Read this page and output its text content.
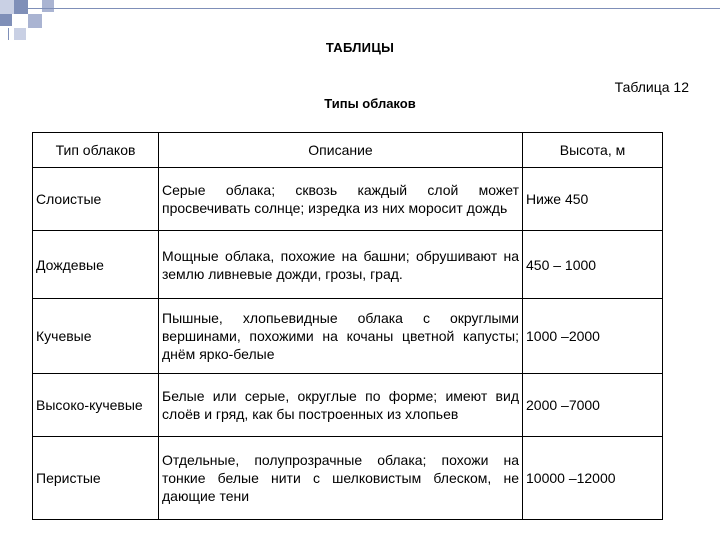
ТАБЛИЦЫ
Таблица 12
Типы облаков
Тип облаков	Описание	Высота, м
Слоистые	Серые облака; сквозь каждый слой может просвечивать солнце; изредка из них моросит дождь	Ниже 450
Дождевые	Мощные облака, похожие на башни; обрушивают на землю ливневые дожди, грозы, град.	450 – 1000
Кучевые	Пышные, хлопьевидные облака с округлыми вершинами, похожими на кочаны цветной капусты; днём ярко-белые	1000 –2000
Высоко-кучевые	Белые или серые, округлые по форме; имеют вид слоёв и гряд, как бы построенных из хлопьев	2000 –7000
Перистые	Отдельные, полупрозрачные облака; похожи на тонкие белые нити с шелковистым блеском, не дающие тени	10000 –12000
